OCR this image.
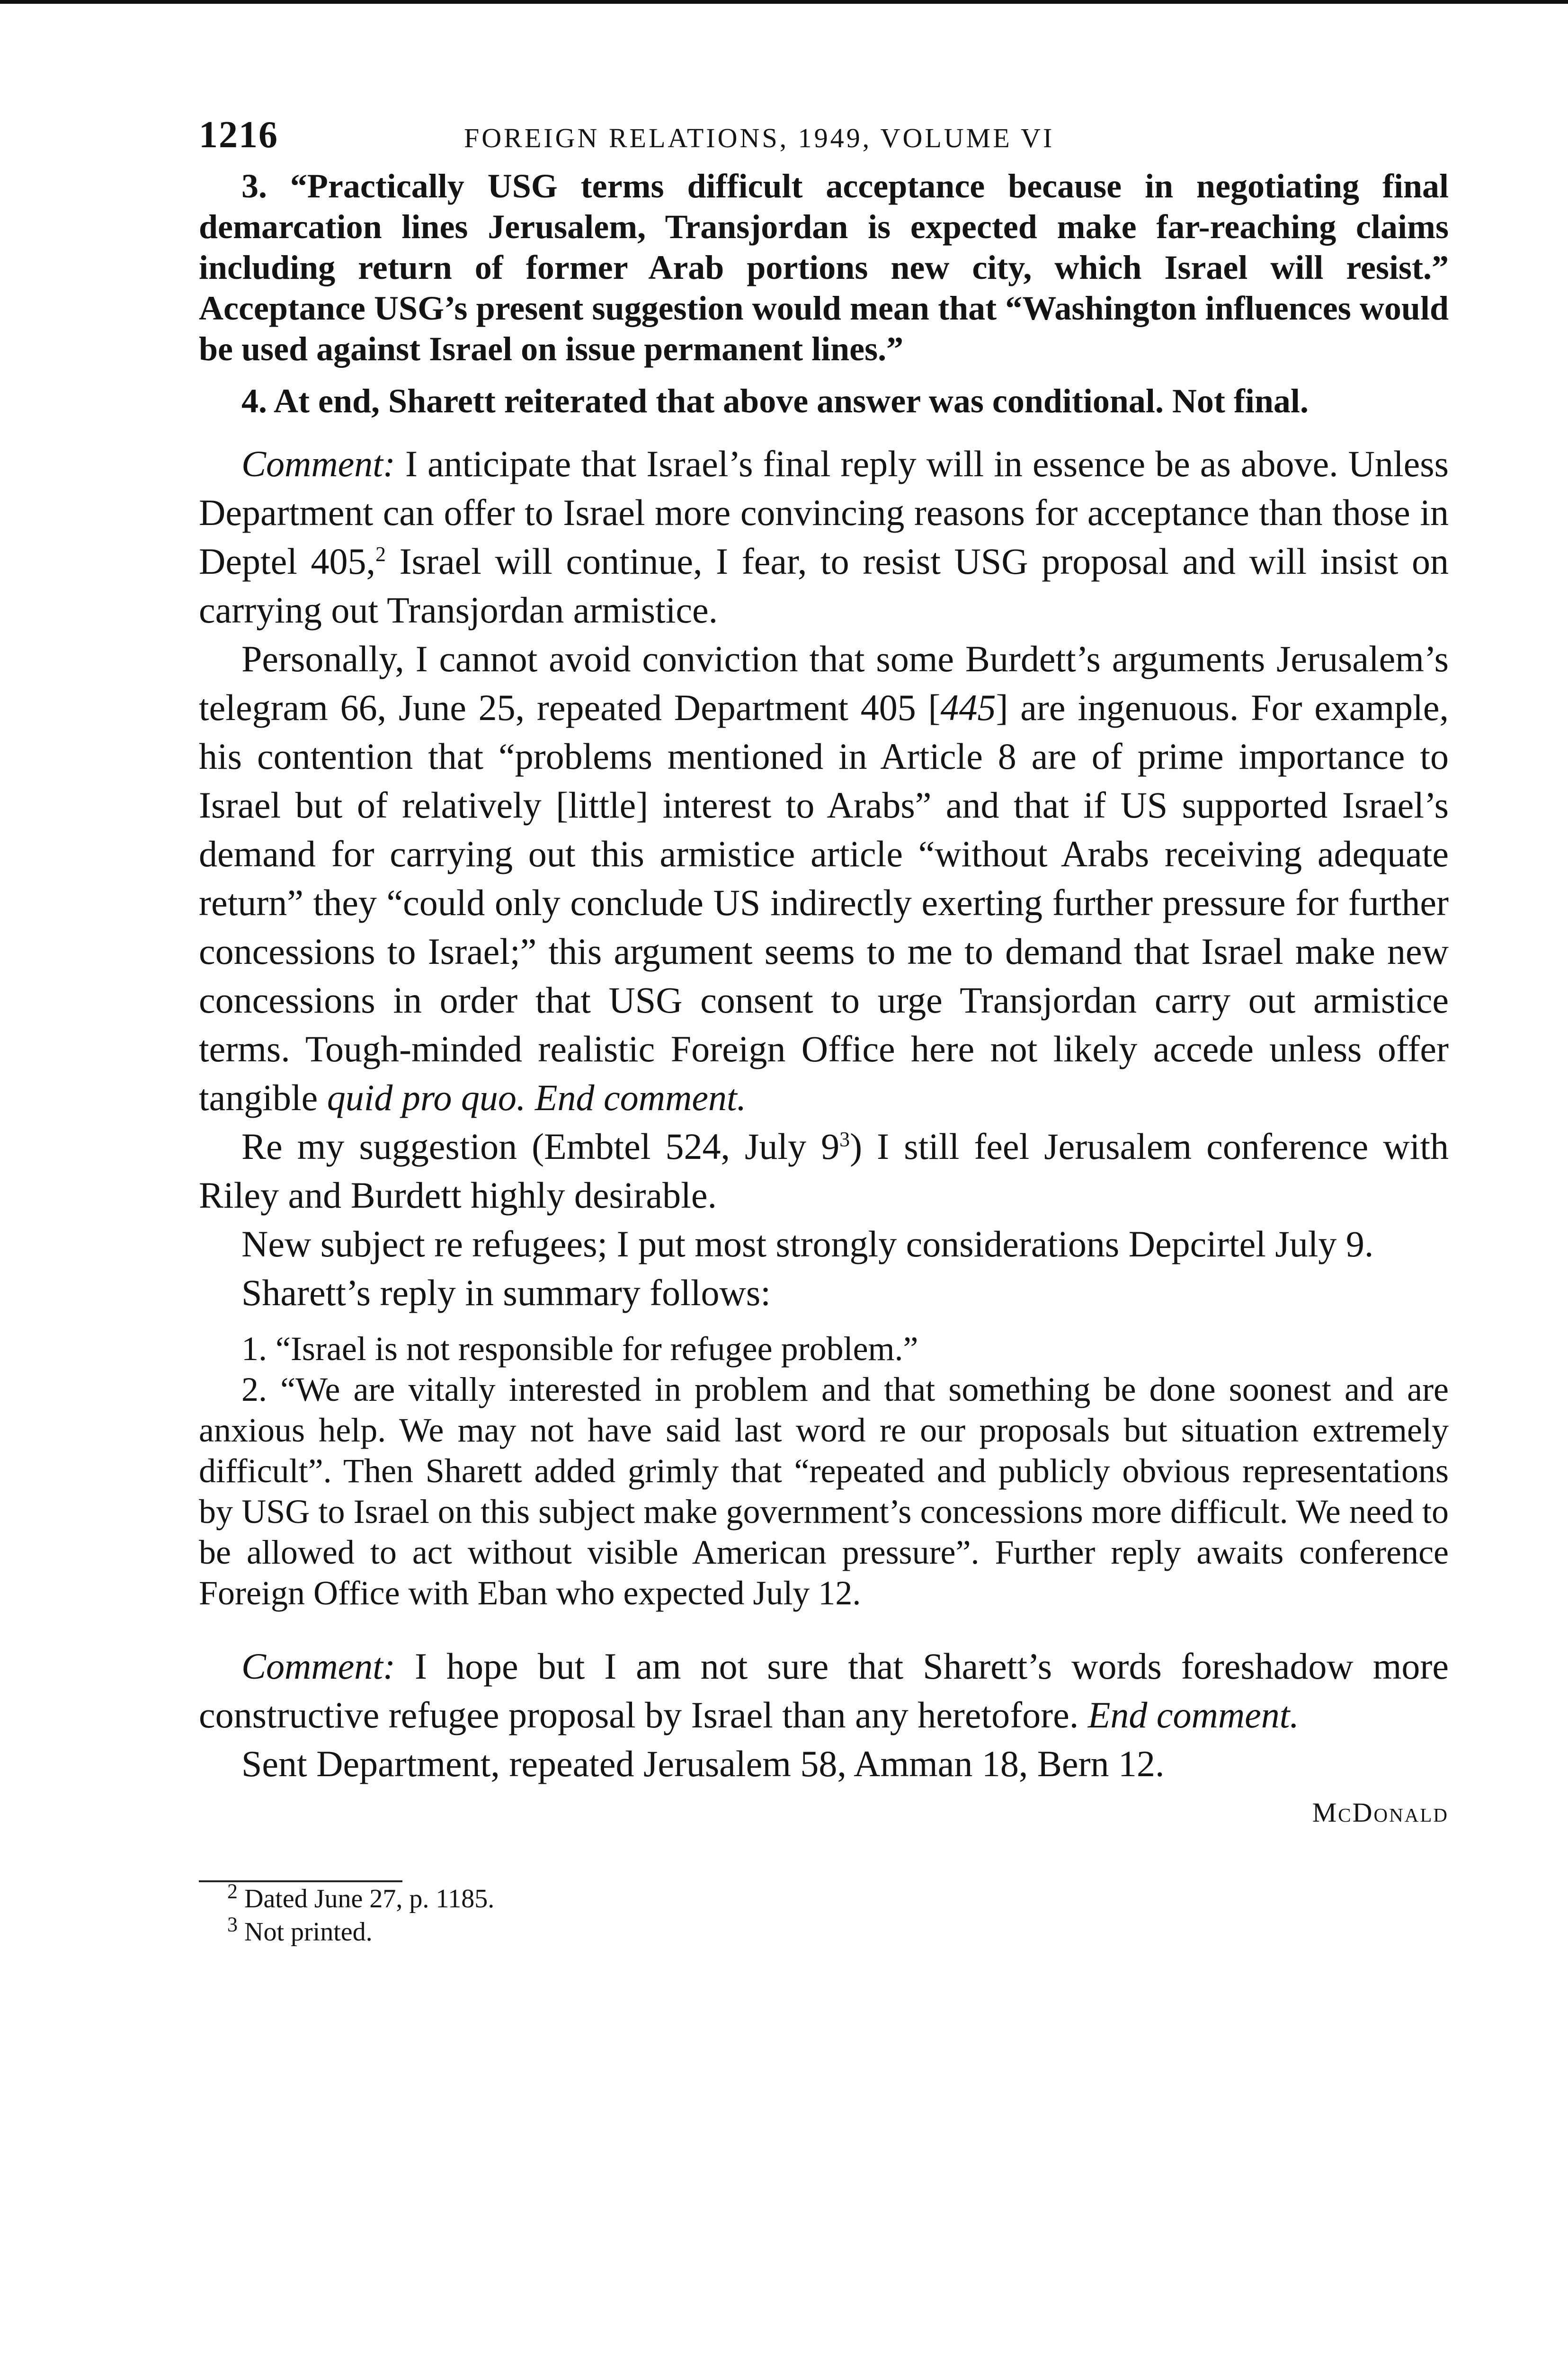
1216	FOREIGN RELATIONS, 1949, VOLUME VI

3. “Practically USG terms difficult acceptance because in negotiating final demarcation lines Jerusalem, Transjordan is expected make far-reaching claims including return of former Arab portions new city, which Israel will resist.” Acceptance USG’s present suggestion would mean that “Washington influences would be used against Israel on issue permanent lines.”

4. At end, Sharett reiterated that above answer was conditional. Not final.

Comment: I anticipate that Israel’s final reply will in essence be as above. Unless Department can offer to Israel more convincing reasons for acceptance than those in Deptel 405,$^2$ Israel will continue, I fear, to resist USG proposal and will insist on carrying out Transjordan armistice.

Personally, I cannot avoid conviction that some Burdett’s arguments Jerusalem’s telegram 66, June 25, repeated Department 405 [445] are ingenuous. For example, his contention that “problems mentioned in Article 8 are of prime importance to Israel but of relatively [little] interest to Arabs” and that if US supported Israel’s demand for carrying out this armistice article “without Arabs receiving adequate return” they “could only conclude US indirectly exerting further pressure for further concessions to Israel;” this argument seems to me to demand that Israel make new concessions in order that USG consent to urge Transjordan carry out armistice terms. Tough-minded realistic Foreign Office here not likely accede unless offer tangible quid pro quo. End comment.

Re my suggestion (Embtel 524, July $9^3$) I still feel Jerusalem conference with Riley and Burdett highly desirable.

New subject re refugees; I put most strongly considerations Depcirtel July 9.

Sharett’s reply in summary follows:

1. “Israel is not responsible for refugee problem.”

2. “We are vitally interested in problem and that something be done soonest and are anxious help. We may not have said last word re our proposals but situation extremely difficult”. Then Sharett added grimly that “repeated and publicly obvious representations by USG to Israel on this subject make government’s concessions more difficult. We need to be allowed to act without visible American pressure”. Further reply awaits conference Foreign Office with Eban who expected July 12.

Comment: I hope but I am not sure that Sharett’s words foreshadow more constructive refugee proposal by Israel than any heretofore. End comment.

Sent Department, repeated Jerusalem 58, Amman 18, Bern 12.

McDonald

$^2$ Dated June 27, p. 1185.

$^3$ Not printed.
